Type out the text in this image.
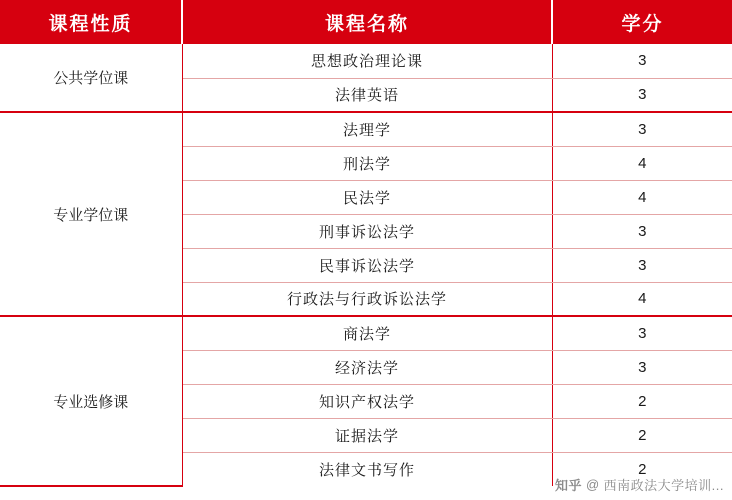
课程性质	课程名称	学分
公共学位课	思想政治理论课	3
	法律英语	3
专业学位课	法理学	3
	刑法学	4
	民法学	4
	刑事诉讼法学	3
	民事诉讼法学	3
	行政法与行政诉讼法学	4
专业选修课	商法学	3
	经济法学	3
	知识产权法学	2
	证据法学	2
	法律文书写作	2
知乎 @ 西南政法大学培训...
